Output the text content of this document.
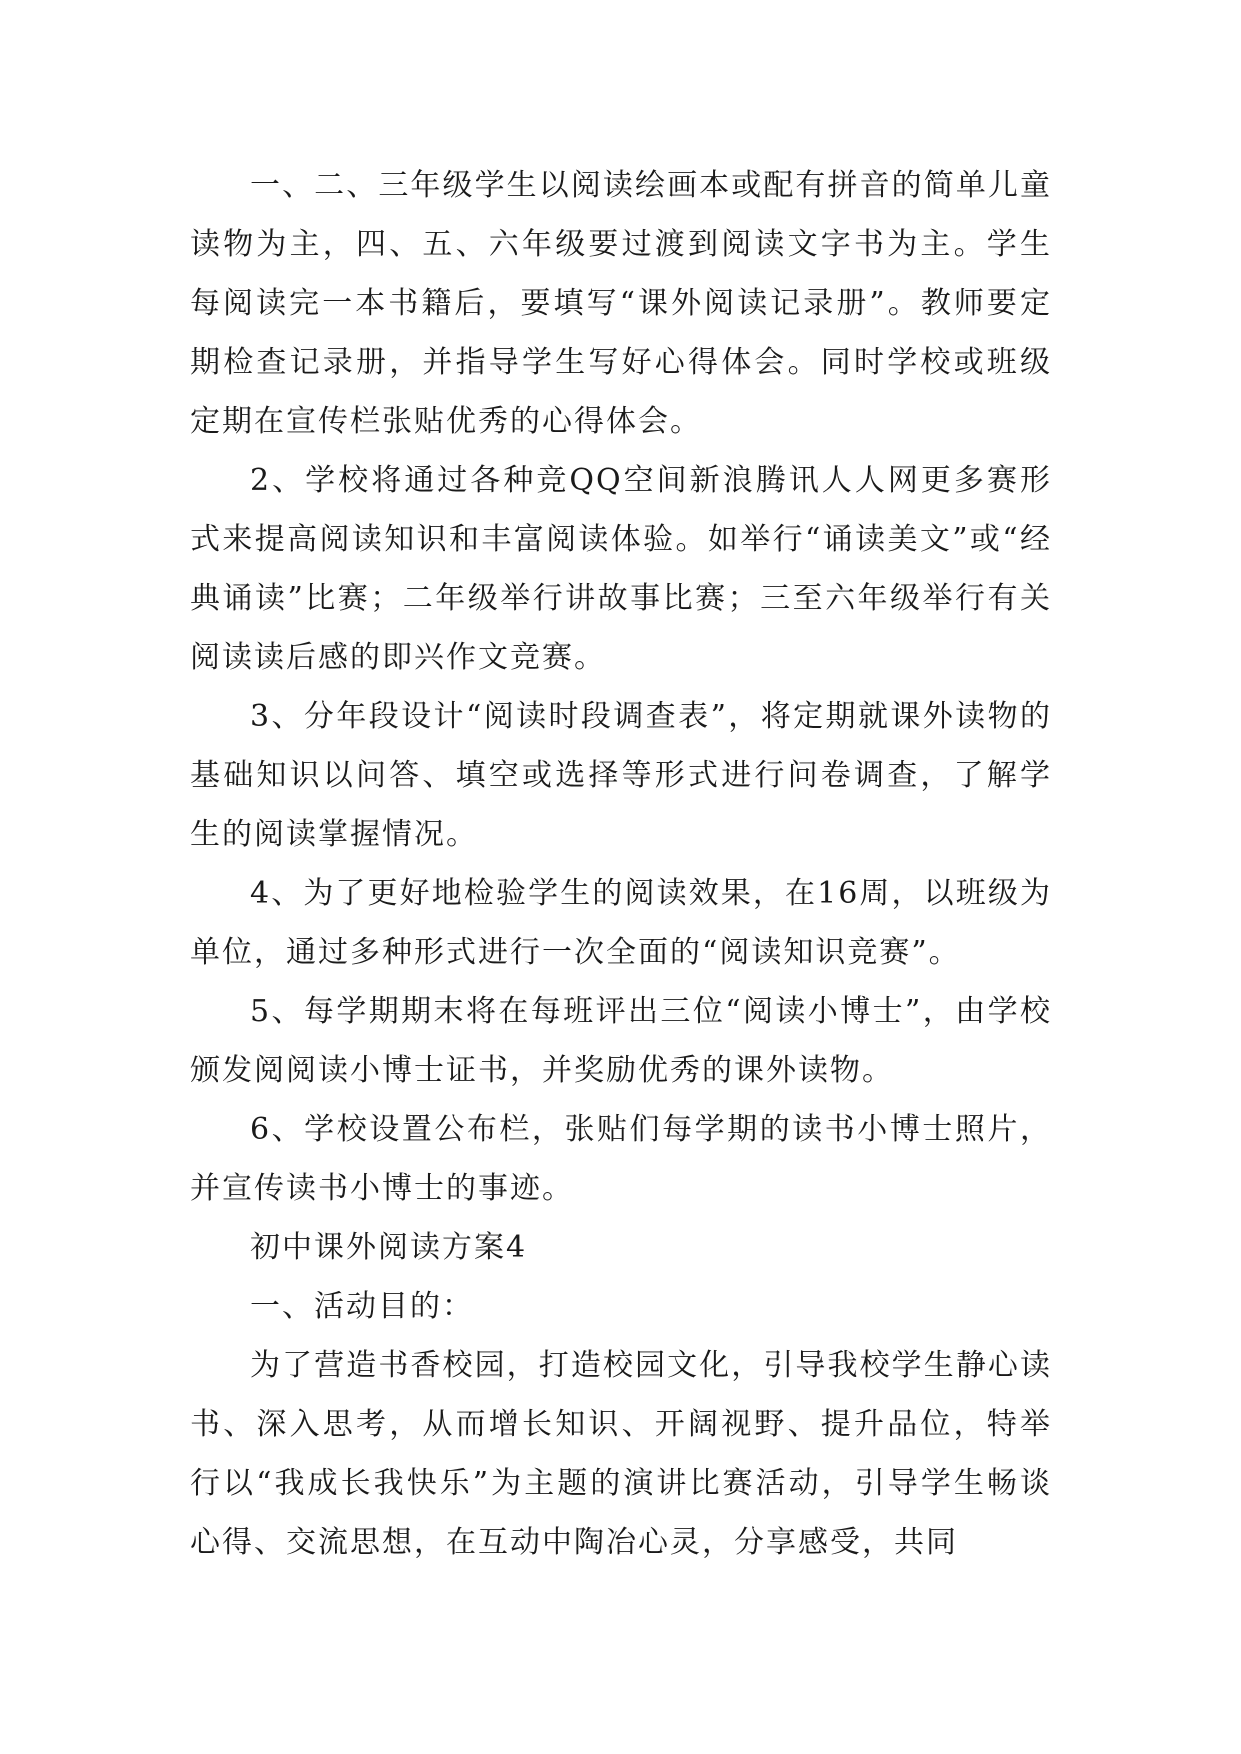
一、二、三年级学生以阅读绘画本或配有拼音的简单儿童读物为主，四、五、六年级要过渡到阅读文字书为主。学生每阅读完一本书籍后，要填写“课外阅读记录册”。教师要定期检查记录册，并指导学生写好心得体会。同时学校或班级定期在宣传栏张贴优秀的心得体会。

2、学校将通过各种竞QQ空间新浪腾讯人人网更多赛形式来提高阅读知识和丰富阅读体验。如举行“诵读美文”或“经典诵读”比赛；二年级举行讲故事比赛；三至六年级举行有关阅读读后感的即兴作文竞赛。

3、分年段设计“阅读时段调查表”，将定期就课外读物的基础知识以问答、填空或选择等形式进行问卷调查，了解学生的阅读掌握情况。

4、为了更好地检验学生的阅读效果，在16周，以班级为单位，通过多种形式进行一次全面的“阅读知识竞赛”。

5、每学期期末将在每班评出三位“阅读小博士”，由学校颁发阅阅读小博士证书，并奖励优秀的课外读物。

6、学校设置公布栏，张贴们每学期的读书小博士照片，并宣传读书小博士的事迹。

初中课外阅读方案4

一、活动目的：

为了营造书香校园，打造校园文化，引导我校学生静心读书、深入思考，从而增长知识、开阔视野、提升品位，特举行以“我成长我快乐”为主题的演讲比赛活动，引导学生畅谈心得、交流思想，在互动中陶冶心灵，分享感受，共同
